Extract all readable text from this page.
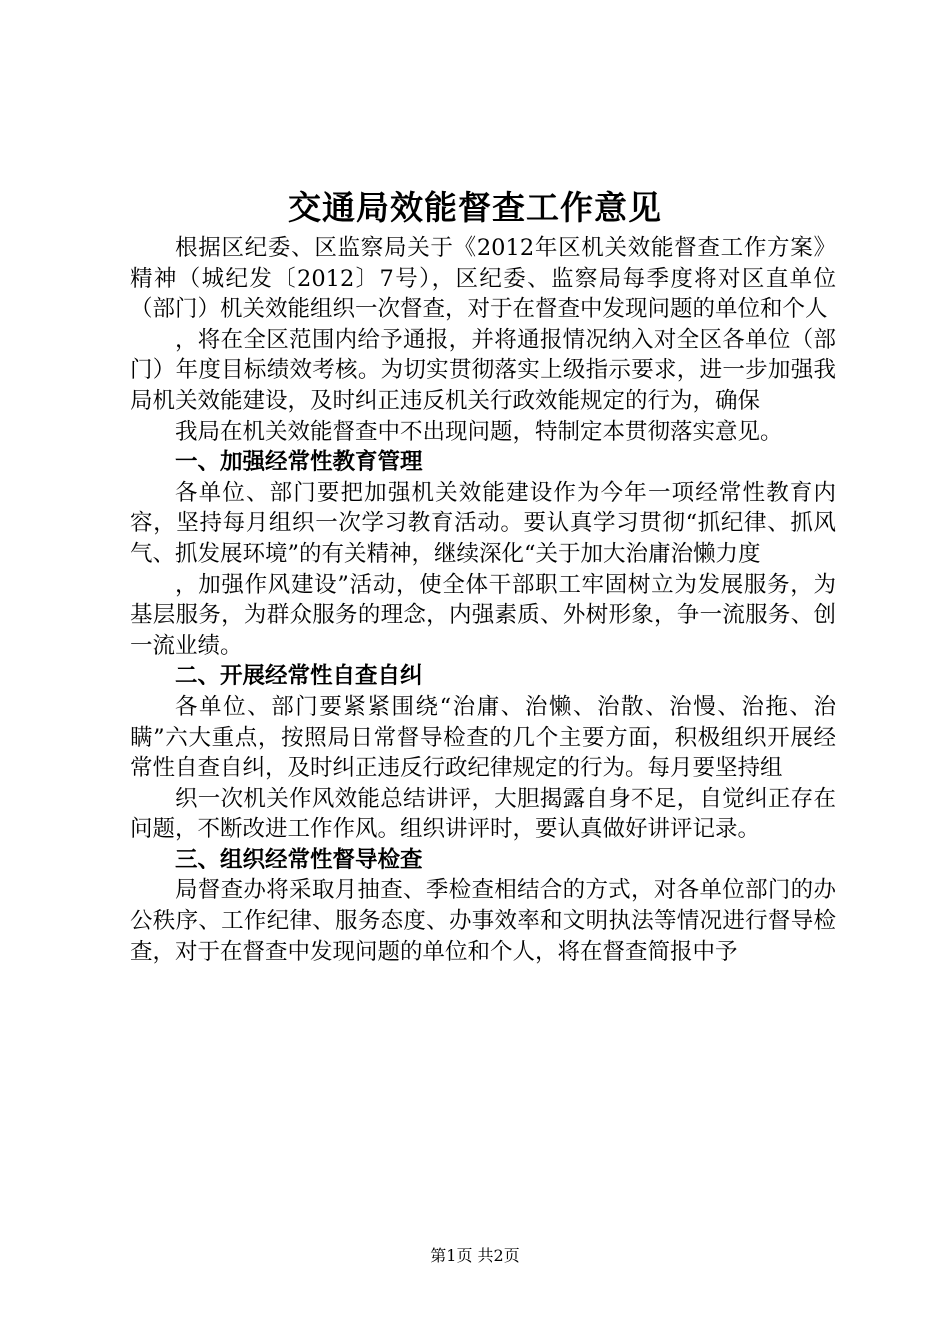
交通局效能督查工作意见

根据区纪委、区监察局关于《2012年区机关效能督查工作方案》精神（城纪发〔2012〕7号），区纪委、监察局每季度将对区直单位（部门）机关效能组织一次督查，对于在督查中发现问题的单位和个人

，将在全区范围内给予通报，并将通报情况纳入对全区各单位（部门）年度目标绩效考核。为切实贯彻落实上级指示要求，进一步加强我局机关效能建设，及时纠正违反机关行政效能规定的行为，确保

我局在机关效能督查中不出现问题，特制定本贯彻落实意见。

一、加强经常性教育管理

各单位、部门要把加强机关效能建设作为今年一项经常性教育内容，坚持每月组织一次学习教育活动。要认真学习贯彻“抓纪律、抓风气、抓发展环境”的有关精神，继续深化“关于加大治庸治懒力度

，加强作风建设”活动，使全体干部职工牢固树立为发展服务，为基层服务，为群众服务的理念，内强素质、外树形象，争一流服务、创一流业绩。

二、开展经常性自查自纠

各单位、部门要紧紧围绕“治庸、治懒、治散、治慢、治拖、治瞒”六大重点，按照局日常督导检查的几个主要方面，积极组织开展经常性自查自纠，及时纠正违反行政纪律规定的行为。每月要坚持组

织一次机关作风效能总结讲评，大胆揭露自身不足，自觉纠正存在问题，不断改进工作作风。组织讲评时，要认真做好讲评记录。

三、组织经常性督导检查

局督查办将采取月抽查、季检查相结合的方式，对各单位部门的办公秩序、工作纪律、服务态度、办事效率和文明执法等情况进行督导检查，对于在督查中发现问题的单位和个人，将在督查简报中予

第1页 共2页
